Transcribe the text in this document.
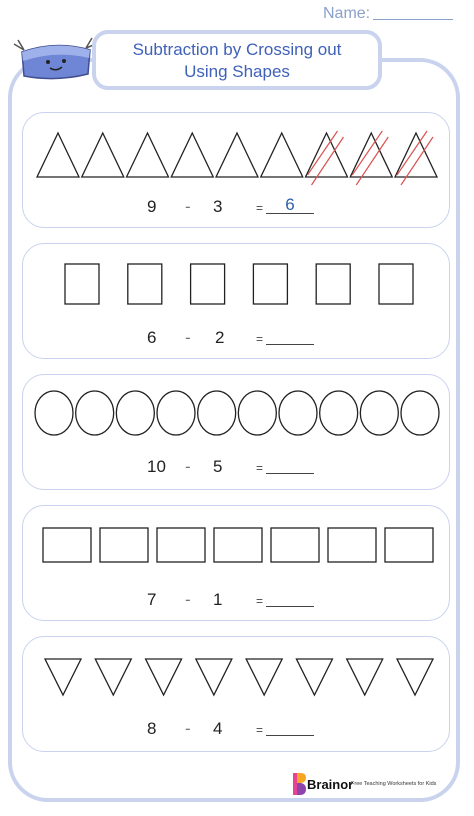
Name:
Subtraction by Crossing out
Using Shapes
9 - 3	=	6
6 - 2	=
10 - 5	=
7 - 1	=
8 - 4	=
Brainor
Free Teaching Worksheets for Kids
